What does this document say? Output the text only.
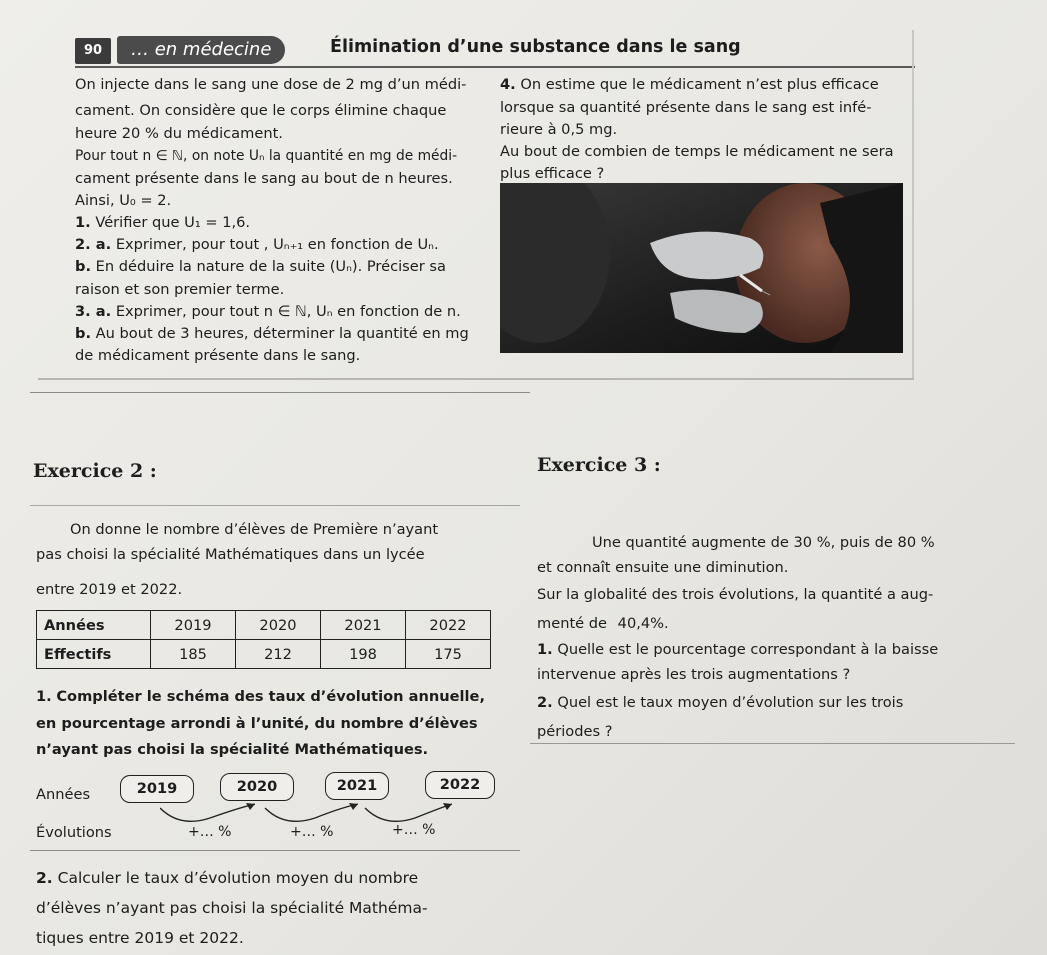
90	… en médecine	Élimination d’une substance dans le sang
On injecte dans le sang une dose de 2 mg d’un médi-
cament. On considère que le corps élimine chaque
heure 20 % du médicament.
Pour tout n ∈ ℕ, on note Uₙ la quantité en mg de médi-
cament présente dans le sang au bout de n heures.
Ainsi, U₀ = 2.
1. Vérifier que U₁ = 1,6.
2. a. Exprimer, pour tout , Uₙ₊₁ en fonction de Uₙ.
b. En déduire la nature de la suite (Uₙ). Préciser sa
raison et son premier terme.
3. a. Exprimer, pour tout n ∈ ℕ, Uₙ en fonction de n.
b. Au bout de 3 heures, déterminer la quantité en mg
de médicament présente dans le sang.
4. On estime que le médicament n’est plus efficace
lorsque sa quantité présente dans le sang est infé-
rieure à 0,5 mg.
Au bout de combien de temps le médicament ne sera
plus efficace ?
Exercice 2 :	Exercice 3 :
On donne le nombre d’élèves de Première n’ayant
pas choisi la spécialité Mathématiques dans un lycée
entre 2019 et 2022.
Années	2019	2020	2021	2022
Effectifs	185	212	198	175
1. Compléter le schéma des taux d’évolution annuelle,
en pourcentage arrondi à l’unité, du nombre d’élèves
n’ayant pas choisi la spécialité Mathématiques.
Années	2019	2020	2021	2022
Évolutions	+… %	+… %	+… %
2. Calculer le taux d’évolution moyen du nombre
d’élèves n’ayant pas choisi la spécialité Mathéma-
tiques entre 2019 et 2022.
Une quantité augmente de 30 %, puis de 80 %
et connaît ensuite une diminution.
Sur la globalité des trois évolutions, la quantité a aug-
menté de 40,4%.
1. Quelle est le pourcentage correspondant à la baisse
intervenue après les trois augmentations ?
2. Quel est le taux moyen d’évolution sur les trois
périodes ?
